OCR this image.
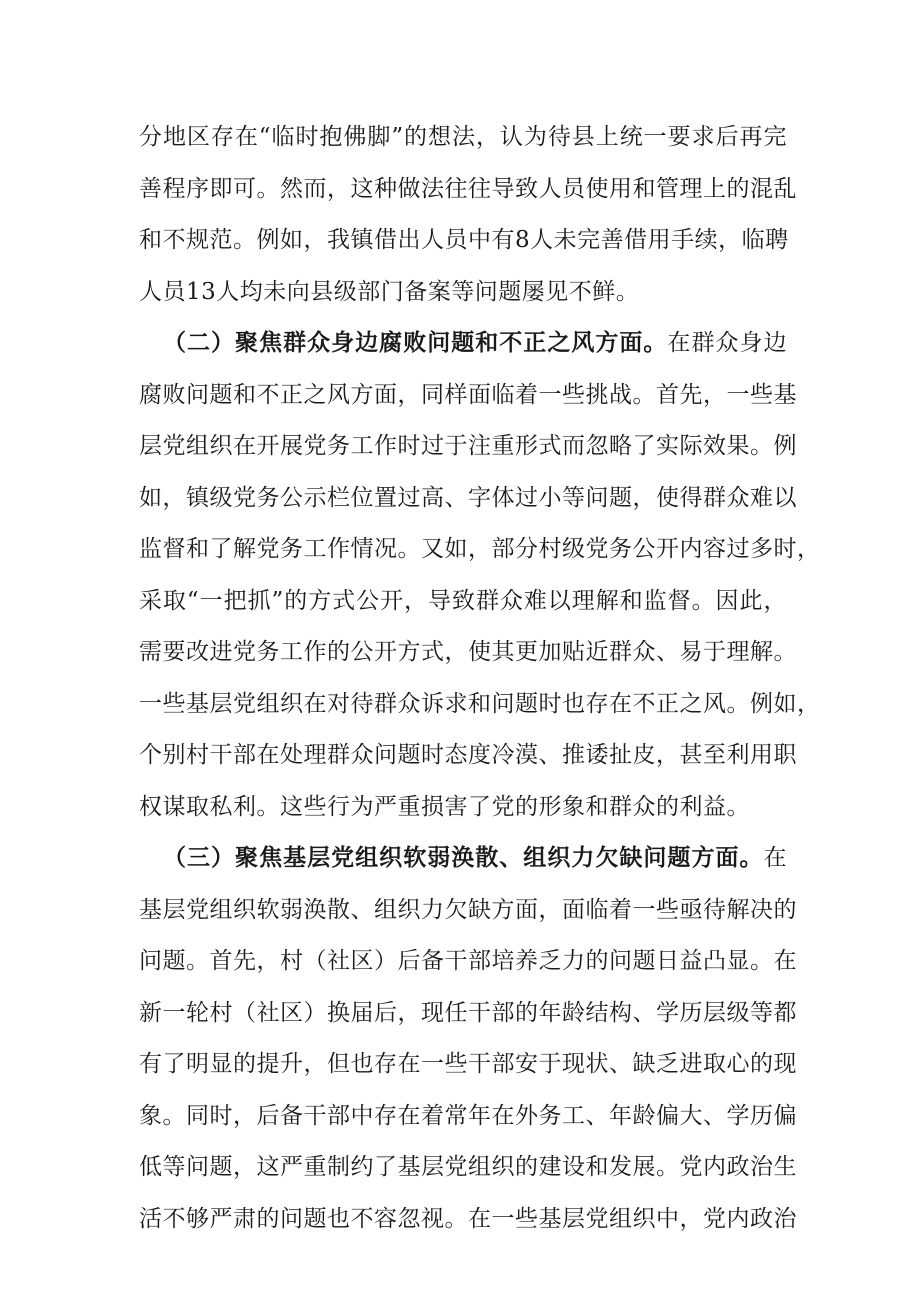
分地区存在“临时抱佛脚”的想法，认为待县上统一要求后再完
善程序即可。然而，这种做法往往导致人员使用和管理上的混乱
和不规范。例如，我镇借出人员中有8人未完善借用手续，临聘
人员13人均未向县级部门备案等问题屡见不鲜。
（二）聚焦群众身边腐败问题和不正之风方面。在群众身边
腐败问题和不正之风方面，同样面临着一些挑战。首先，一些基
层党组织在开展党务工作时过于注重形式而忽略了实际效果。例
如，镇级党务公示栏位置过高、字体过小等问题，使得群众难以
监督和了解党务工作情况。又如，部分村级党务公开内容过多时，
采取“一把抓”的方式公开，导致群众难以理解和监督。因此，
需要改进党务工作的公开方式，使其更加贴近群众、易于理解。
一些基层党组织在对待群众诉求和问题时也存在不正之风。例如，
个别村干部在处理群众问题时态度冷漠、推诿扯皮，甚至利用职
权谋取私利。这些行为严重损害了党的形象和群众的利益。
（三）聚焦基层党组织软弱涣散、组织力欠缺问题方面。在
基层党组织软弱涣散、组织力欠缺方面，面临着一些亟待解决的
问题。首先，村（社区）后备干部培养乏力的问题日益凸显。在
新一轮村（社区）换届后，现任干部的年龄结构、学历层级等都
有了明显的提升，但也存在一些干部安于现状、缺乏进取心的现
象。同时，后备干部中存在着常年在外务工、年龄偏大、学历偏
低等问题，这严重制约了基层党组织的建设和发展。党内政治生
活不够严肃的问题也不容忽视。在一些基层党组织中，党内政治
